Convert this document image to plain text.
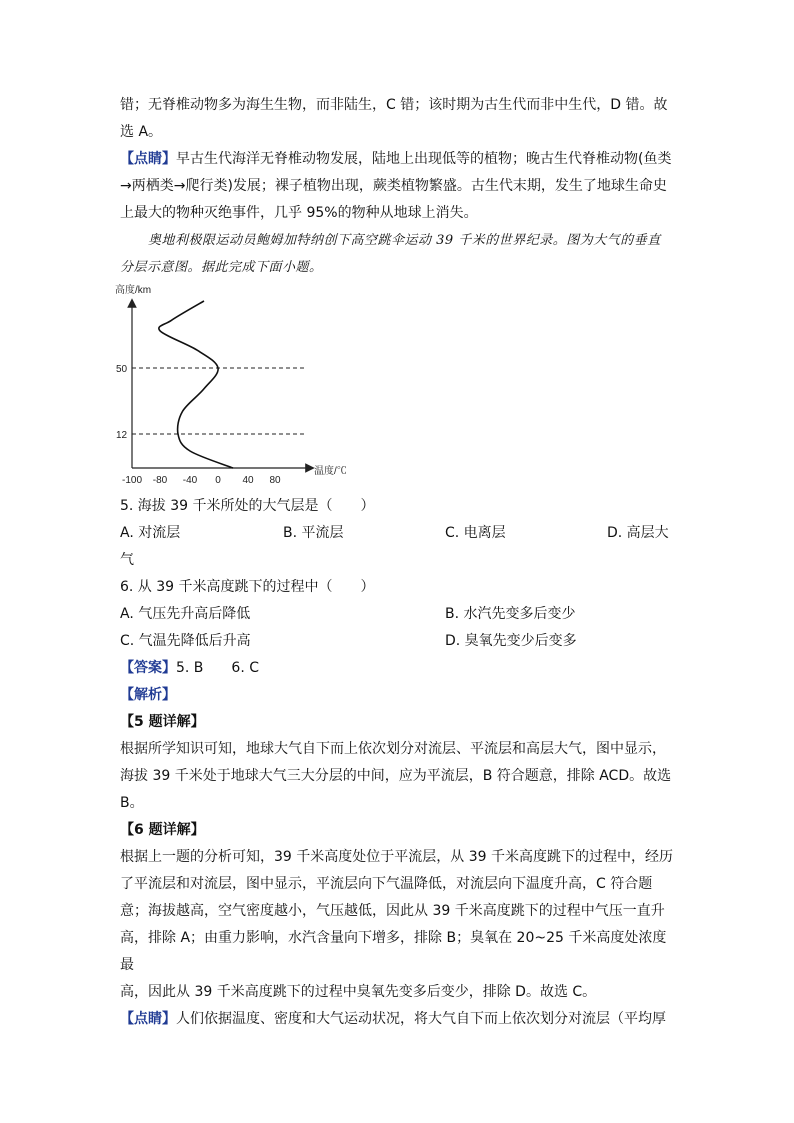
错；无脊椎动物多为海生生物，而非陆生，C 错；该时期为古生代而非中生代，D 错。故

选 A。

【点睛】早古生代海洋无脊椎动物发展，陆地上出现低等的植物；晚古生代脊椎动物(鱼类

→两栖类→爬行类)发展；裸子植物出现，蕨类植物繁盛。古生代末期，发生了地球生命史

上最大的物种灭绝事件，几乎 95%的物种从地球上消失。

奥地利极限运动员鲍姆加特纳创下高空跳伞运动 39 千米的世界纪录。图为大气的垂直

分层示意图。据此完成下面小题。

高度/km
温度/℃
12
50
-100 -80 -40 0 40 80

5. 海拔 39 千米所处的大气层是（　　）

A. 对流层	B. 平流层	C. 电离层	D. 高层大

气

6. 从 39 千米高度跳下的过程中（　　）

A. 气压先升高后降低	B. 水汽先变多后变少
C. 气温先降低后升高	D. 臭氧先变少后变多

【答案】5. B　　6. C

【解析】

【5 题详解】

根据所学知识可知，地球大气自下而上依次划分对流层、平流层和高层大气，图中显示，

海拔 39 千米处于地球大气三大分层的中间，应为平流层，B 符合题意，排除 ACD。故选

B。

【6 题详解】

根据上一题的分析可知，39 千米高度处位于平流层，从 39 千米高度跳下的过程中，经历

了平流层和对流层，图中显示，平流层向下气温降低，对流层向下温度升高，C 符合题

意；海拔越高，空气密度越小，气压越低，因此从 39 千米高度跳下的过程中气压一直升

高，排除 A；由重力影响，水汽含量向下增多，排除 B；臭氧在 20~25 千米高度处浓度最

高，因此从 39 千米高度跳下的过程中臭氧先变多后变少，排除 D。故选 C。

【点睛】人们依据温度、密度和大气运动状况，将大气自下而上依次划分对流层（平均厚
